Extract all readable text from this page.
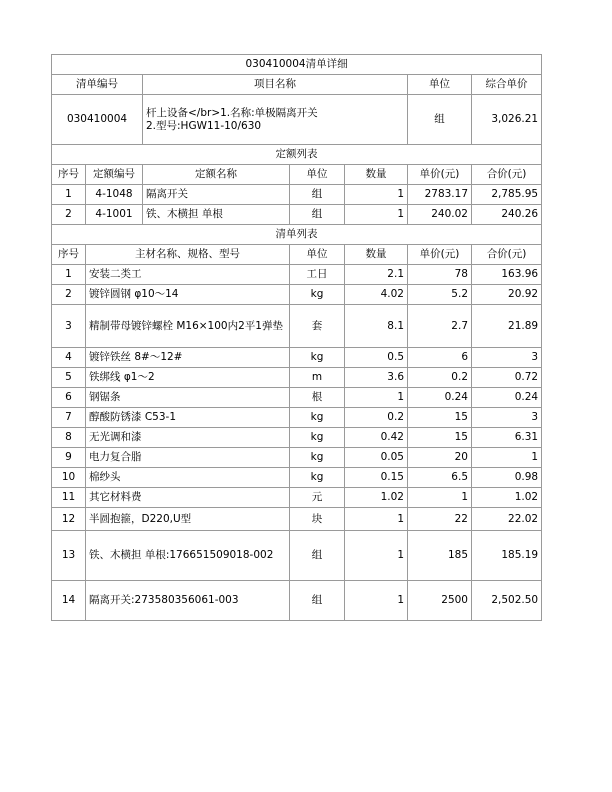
030410004清单详细						
清单编号		项目名称			单位	综合单价
030410004		杆上设备</br>1.名称:单极隔离开关
2.型号:HGW11-10/630			组	3,026.21
定额列表						
序号	定额编号	定额名称	单位	数量	单价(元)	合价(元)
1	4-1048	隔离开关	组	1	2783.17	2,785.95
2	4-1001	铁、木横担 单根	组	1	240.02	240.26
清单列表						
序号	主材名称、规格、型号		单位	数量	单价(元)	合价(元)
1	安装二类工		工日	2.1	78	163.96
2	镀锌圆钢 φ10～14		kg	4.02	5.2	20.92
3	精制带母镀锌螺栓 M16×100内2平1弹垫		套	8.1	2.7	21.89
4	镀锌铁丝 8#～12#		kg	0.5	6	3
5	铁绑线 φ1～2		m	3.6	0.2	0.72
6	钢锯条		根	1	0.24	0.24
7	醇酸防锈漆 C53-1		kg	0.2	15	3
8	无光调和漆		kg	0.42	15	6.31
9	电力复合脂		kg	0.05	20	1
10	棉纱头		kg	0.15	6.5	0.98
11	其它材料费		元	1.02	1	1.02
12	半圆抱箍，D220,U型		块	1	22	22.02
13	铁、木横担 单根:176651509018-002		组	1	185	185.19
14	隔离开关:273580356061-003		组	1	2500	2,502.50
